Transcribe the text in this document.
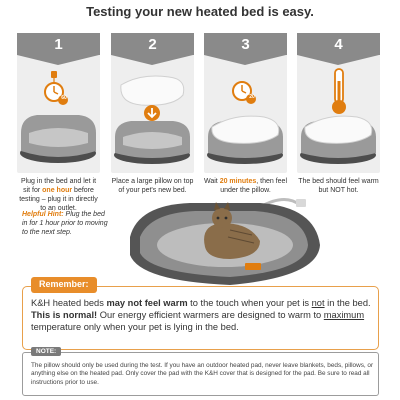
Testing your new heated bed is easy.
1
60
Plug in the bed and let it sit for one hour before testing – plug it in directly to an outlet.
2
Place a large pillow on top of your pet's new bed.
3
20
Wait 20 minutes, then feel under the pillow.
4
The bed should feel warm but NOT hot.
Helpful Hint: Plug the bed in for 1 hour prior to moving to the next step.
Remember:
K&H heated beds may not feel warm to the touch when your pet is not in the bed. This is normal! Our energy efficient warmers are designed to warm to maximum temperature only when your pet is lying in the bed.
NOTE:
The pillow should only be used during the test. If you have an outdoor heated pad, never leave blankets, beds, pillows, or anything else on the heated pad. Only cover the pad with the K&H cover that is designed for the pad. Be sure to read all instructions prior to use.
